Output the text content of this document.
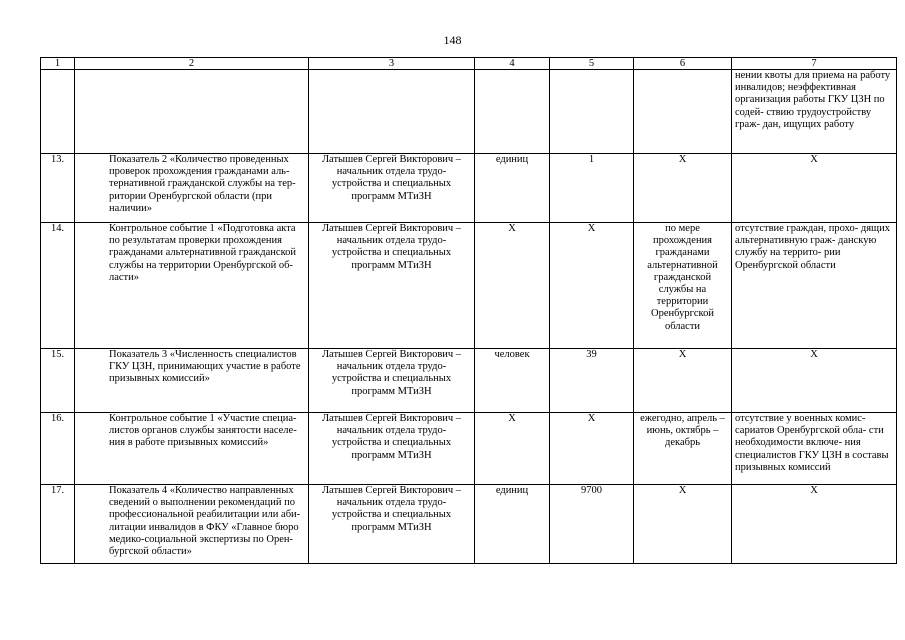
148
1	2	3	4	5	6	7
						нении квоты для приема на работу инвалидов; неэффективная организация работы ГКУ ЦЗН по содей- ствию трудоустройству граж- дан, ищущих работу
13.	Показатель 2 «Количество проведенных проверок прохождения гражданами аль- тернативной гражданской службы на тер- ритории Оренбургской области (при наличии»	Латышев Сергей Викторович – начальник отдела трудо- устройства и специальных программ МТиЗН	единиц	1	Х	Х
14.	Контрольное событие 1 «Подготовка акта по результатам проверки прохождения гражданами альтернативной гражданской службы на территории Оренбургской об- ласти»	Латышев Сергей Викторович – начальник отдела трудо- устройства и специальных программ МТиЗН	Х	Х	по мере прохождения гражданами альтернативной гражданской службы на территории Оренбургской области	отсутствие граждан, прохо- дящих альтернативную граж- данскую службу на террито- рии Оренбургской области
15.	Показатель 3 «Численность специалистов ГКУ ЦЗН, принимающих участие в работе призывных комиссий»	Латышев Сергей Викторович – начальник отдела трудо- устройства и специальных программ МТиЗН	человек	39	Х	Х
16.	Контрольное событие 1 «Участие специа- листов органов службы занятости населе- ния в работе призывных комиссий»	Латышев Сергей Викторович – начальник отдела трудо- устройства и специальных программ МТиЗН	Х	Х	ежегодно, апрель – июнь, октябрь –декабрь	отсутствие у военных комис- сариатов Оренбургской обла- сти необходимости включе- ния специалистов ГКУ ЦЗН в составы призывных комиссий
17.	Показатель 4 «Количество направленных сведений о выполнении рекомендаций по профессиональной реабилитации или аби- литации инвалидов в ФКУ «Главное бюро медико-социальной экспертизы по Орен- бургской области»	Латышев Сергей Викторович – начальник отдела трудо- устройства и специальных программ МТиЗН	единиц	9700	Х	Х
